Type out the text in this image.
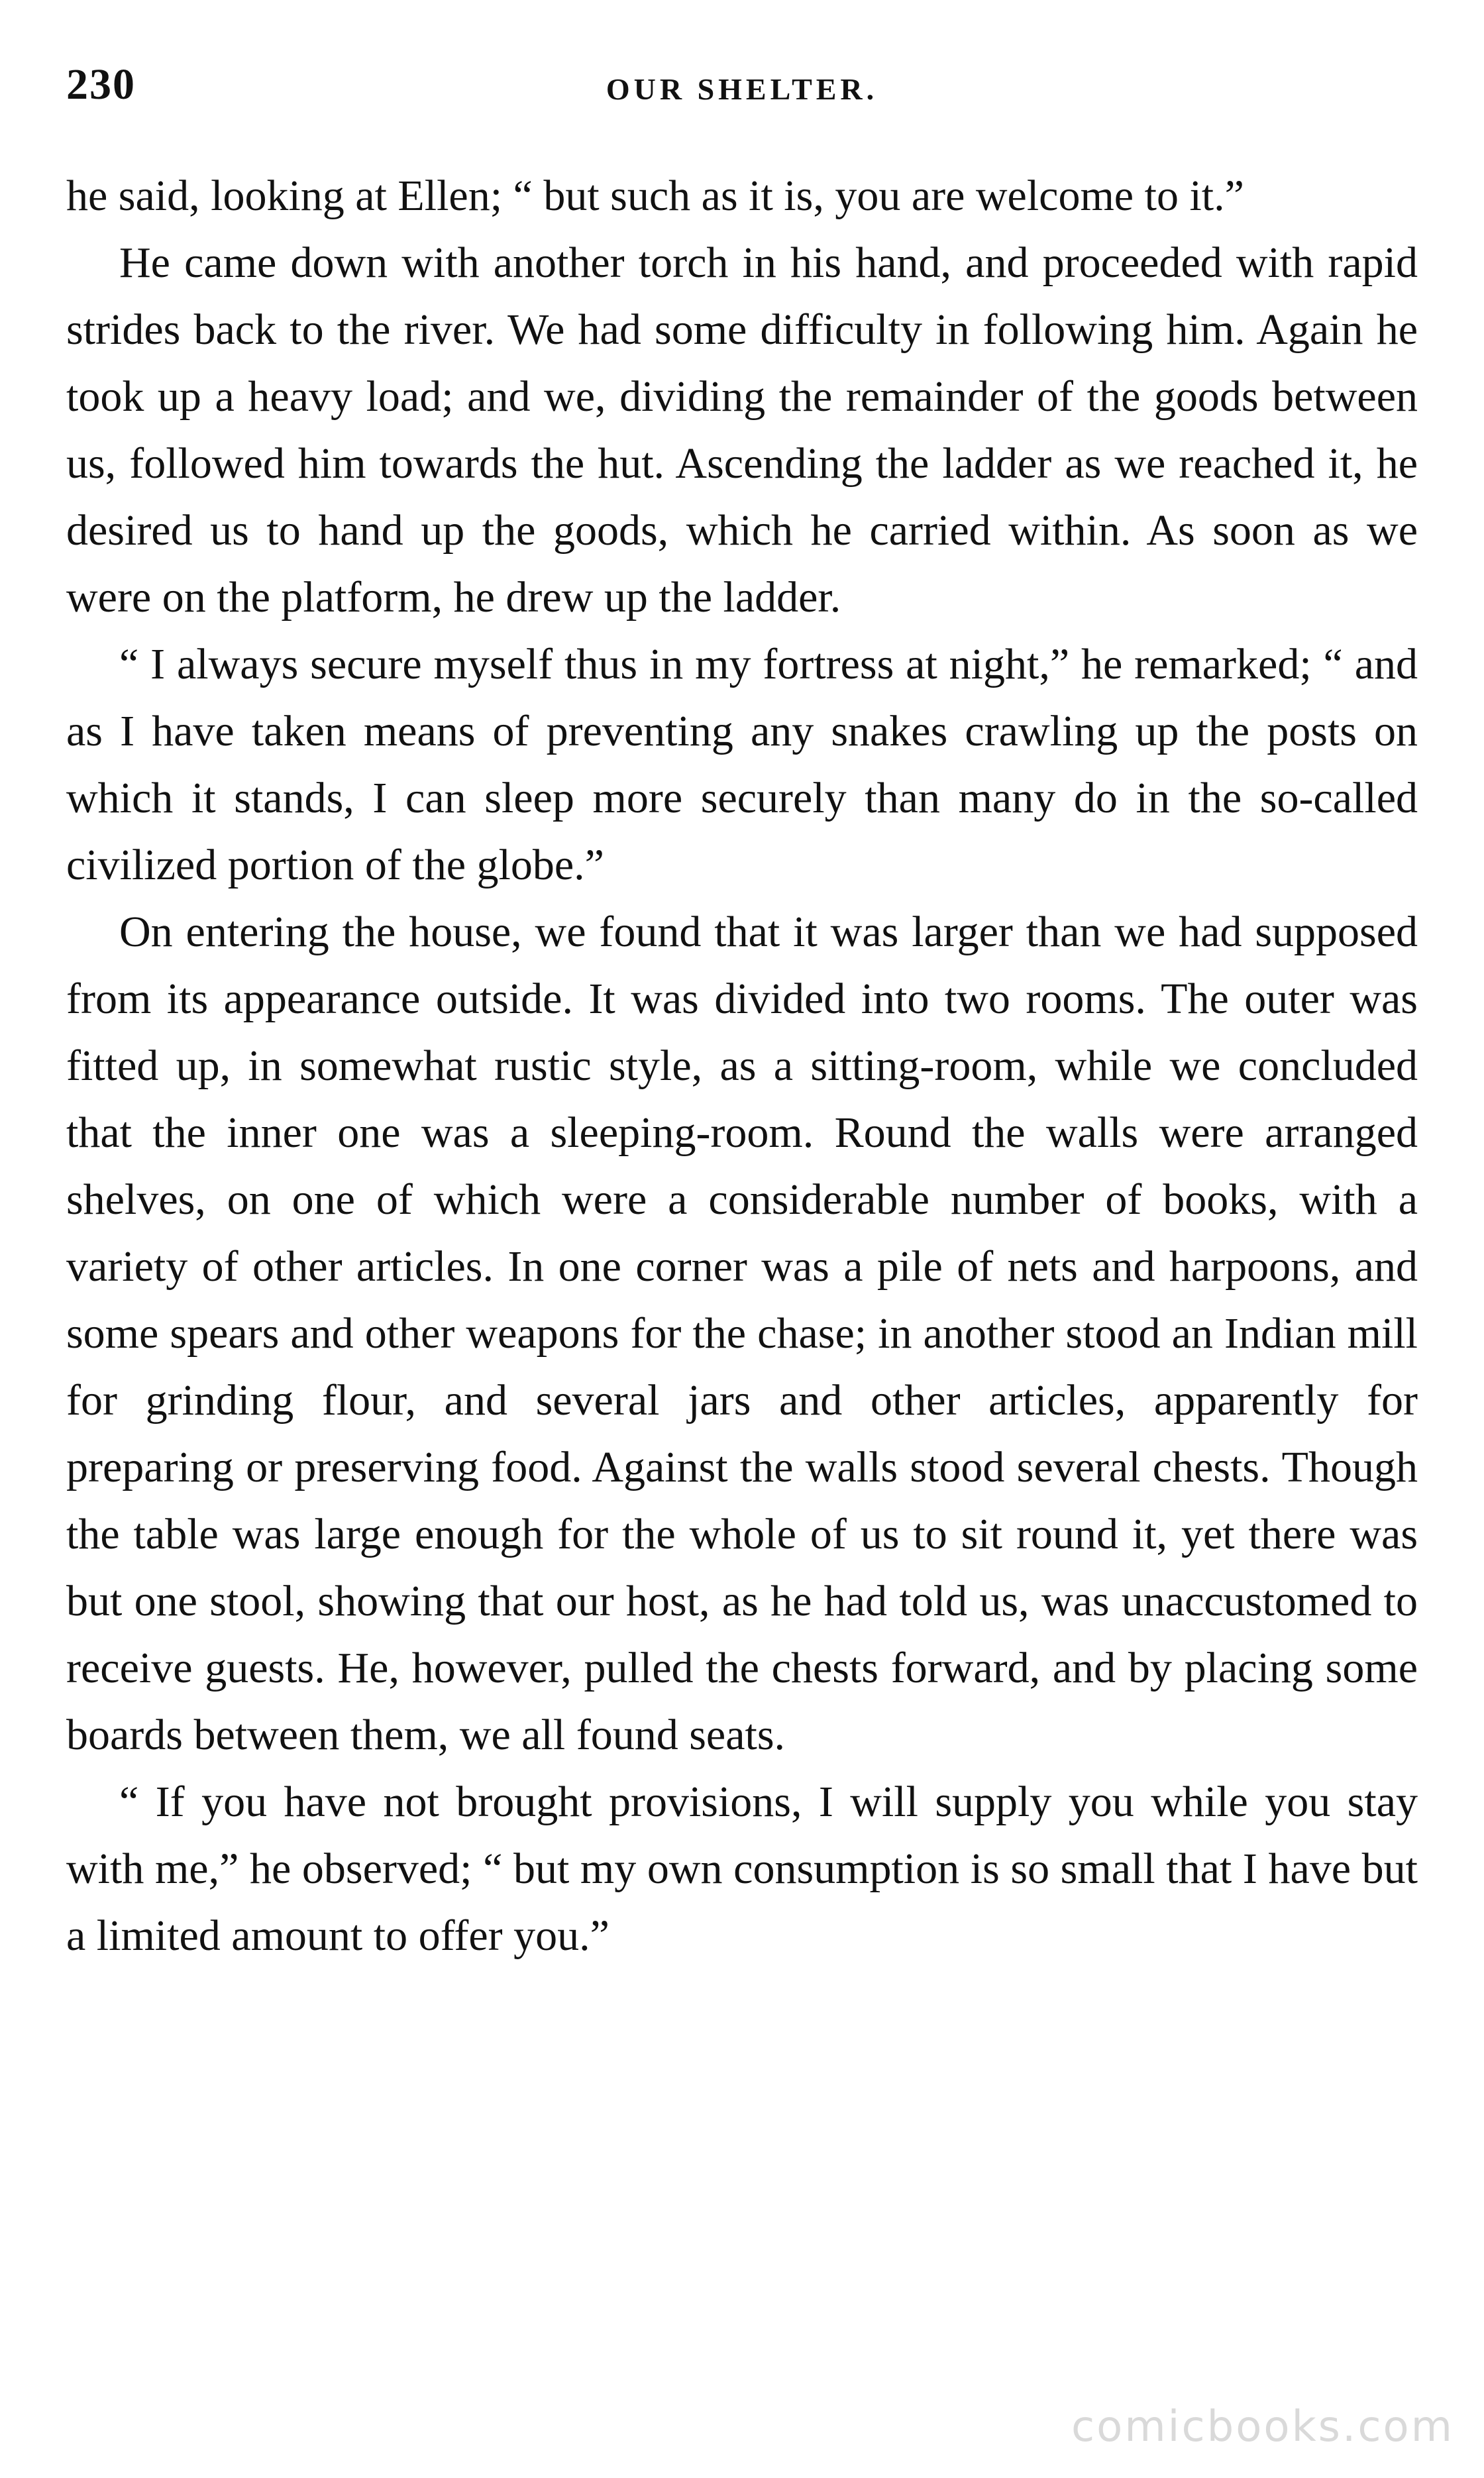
230	OUR SHELTER.

he said, looking at Ellen; “ but such as it is, you are welcome to it.”

He came down with another torch in his hand, and proceeded with rapid strides back to the river. We had some difficulty in following him. Again he took up a heavy load; and we, dividing the remainder of the goods between us, followed him towards the hut. Ascending the ladder as we reached it, he desired us to hand up the goods, which he carried within. As soon as we were on the platform, he drew up the ladder.

“ I always secure myself thus in my fortress at night,” he remarked; “ and as I have taken means of preventing any snakes crawling up the posts on which it stands, I can sleep more securely than many do in the so-called civilized portion of the globe.”

On entering the house, we found that it was larger than we had supposed from its appearance outside. It was divided into two rooms. The outer was fitted up, in somewhat rustic style, as a sitting-room, while we concluded that the inner one was a sleeping-room. Round the walls were arranged shelves, on one of which were a considerable number of books, with a variety of other articles. In one corner was a pile of nets and harpoons, and some spears and other weapons for the chase; in another stood an Indian mill for grinding flour, and several jars and other articles, apparently for preparing or preserving food. Against the walls stood several chests. Though the table was large enough for the whole of us to sit round it, yet there was but one stool, showing that our host, as he had told us, was unaccustomed to receive guests. He, however, pulled the chests forward, and by placing some boards between them, we all found seats.

“ If you have not brought provisions, I will supply you while you stay with me,” he observed; “ but my own consumption is so small that I have but a limited amount to offer you.”

comicbooks.com
